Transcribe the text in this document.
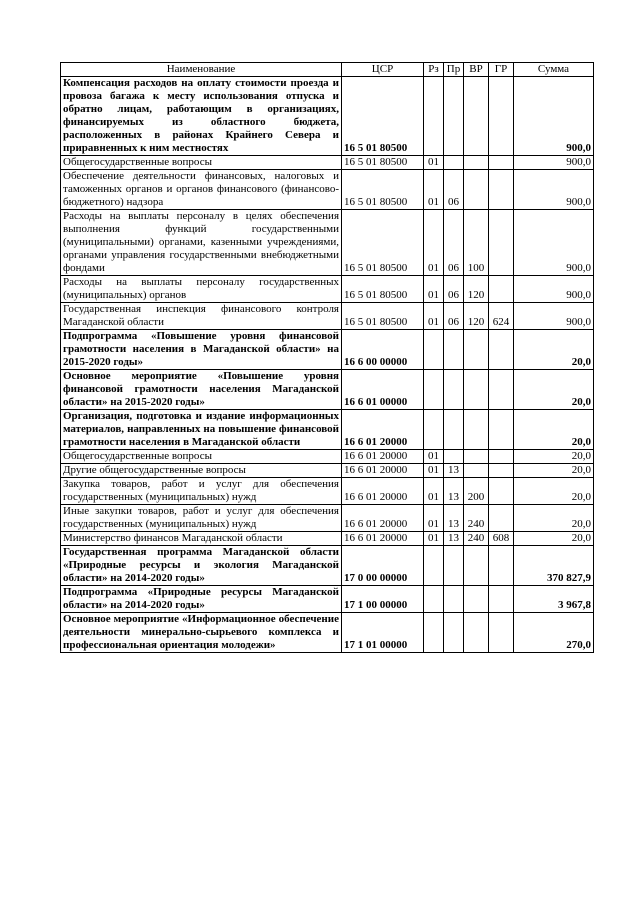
Наименование	ЦСР	Рз	Пр	ВР	ГР	Сумма
Компенсация расходов на оплату стоимости проезда и провоза багажа к месту использования отпуска и обратно лицам, работающим в организациях, финансируемых из областного бюджета, расположенных в районах Крайнего Севера и приравненных к ним местностях	16 5 01 80500					900,0
Общегосударственные вопросы	16 5 01 80500	01				900,0
Обеспечение деятельности финансовых, налоговых и таможенных органов и органов финансового (финансово-бюджетного) надзора	16 5 01 80500	01	06			900,0
Расходы на выплаты персоналу в целях обеспечения выполнения функций государственными (муниципальными) органами, казенными учреждениями, органами управления государственными внебюджетными фондами	16 5 01 80500	01	06	100		900,0
Расходы на выплаты персоналу государственных (муниципальных) органов	16 5 01 80500	01	06	120		900,0
Государственная инспекция финансового контроля Магаданской области	16 5 01 80500	01	06	120	624	900,0
Подпрограмма «Повышение уровня финансовой грамотности населения в Магаданской области» на 2015-2020 годы»	16 6 00 00000					20,0
Основное мероприятие «Повышение уровня финансовой грамотности населения Магаданской области» на 2015-2020 годы»	16 6 01 00000					20,0
Организация, подготовка и издание информационных материалов, направленных на повышение финансовой грамотности населения в Магаданской области	16 6 01 20000					20,0
Общегосударственные вопросы	16 6 01 20000	01				20,0
Другие общегосударственные вопросы	16 6 01 20000	01	13			20,0
Закупка товаров, работ и услуг для обеспечения государственных (муниципальных) нужд	16 6 01 20000	01	13	200		20,0
Иные закупки товаров, работ и услуг для обеспечения государственных (муниципальных) нужд	16 6 01 20000	01	13	240		20,0
Министерство финансов Магаданской области	16 6 01 20000	01	13	240	608	20,0
Государственная программа Магаданской области «Природные ресурсы и экология Магаданской области» на 2014-2020 годы»	17 0 00 00000					370 827,9
Подпрограмма «Природные ресурсы Магаданской области» на 2014-2020 годы»	17 1 00 00000					3 967,8
Основное мероприятие «Информационное обеспечение деятельности минерально-сырьевого комплекса и профессиональная ориентация молодежи»	17 1 01 00000					270,0
